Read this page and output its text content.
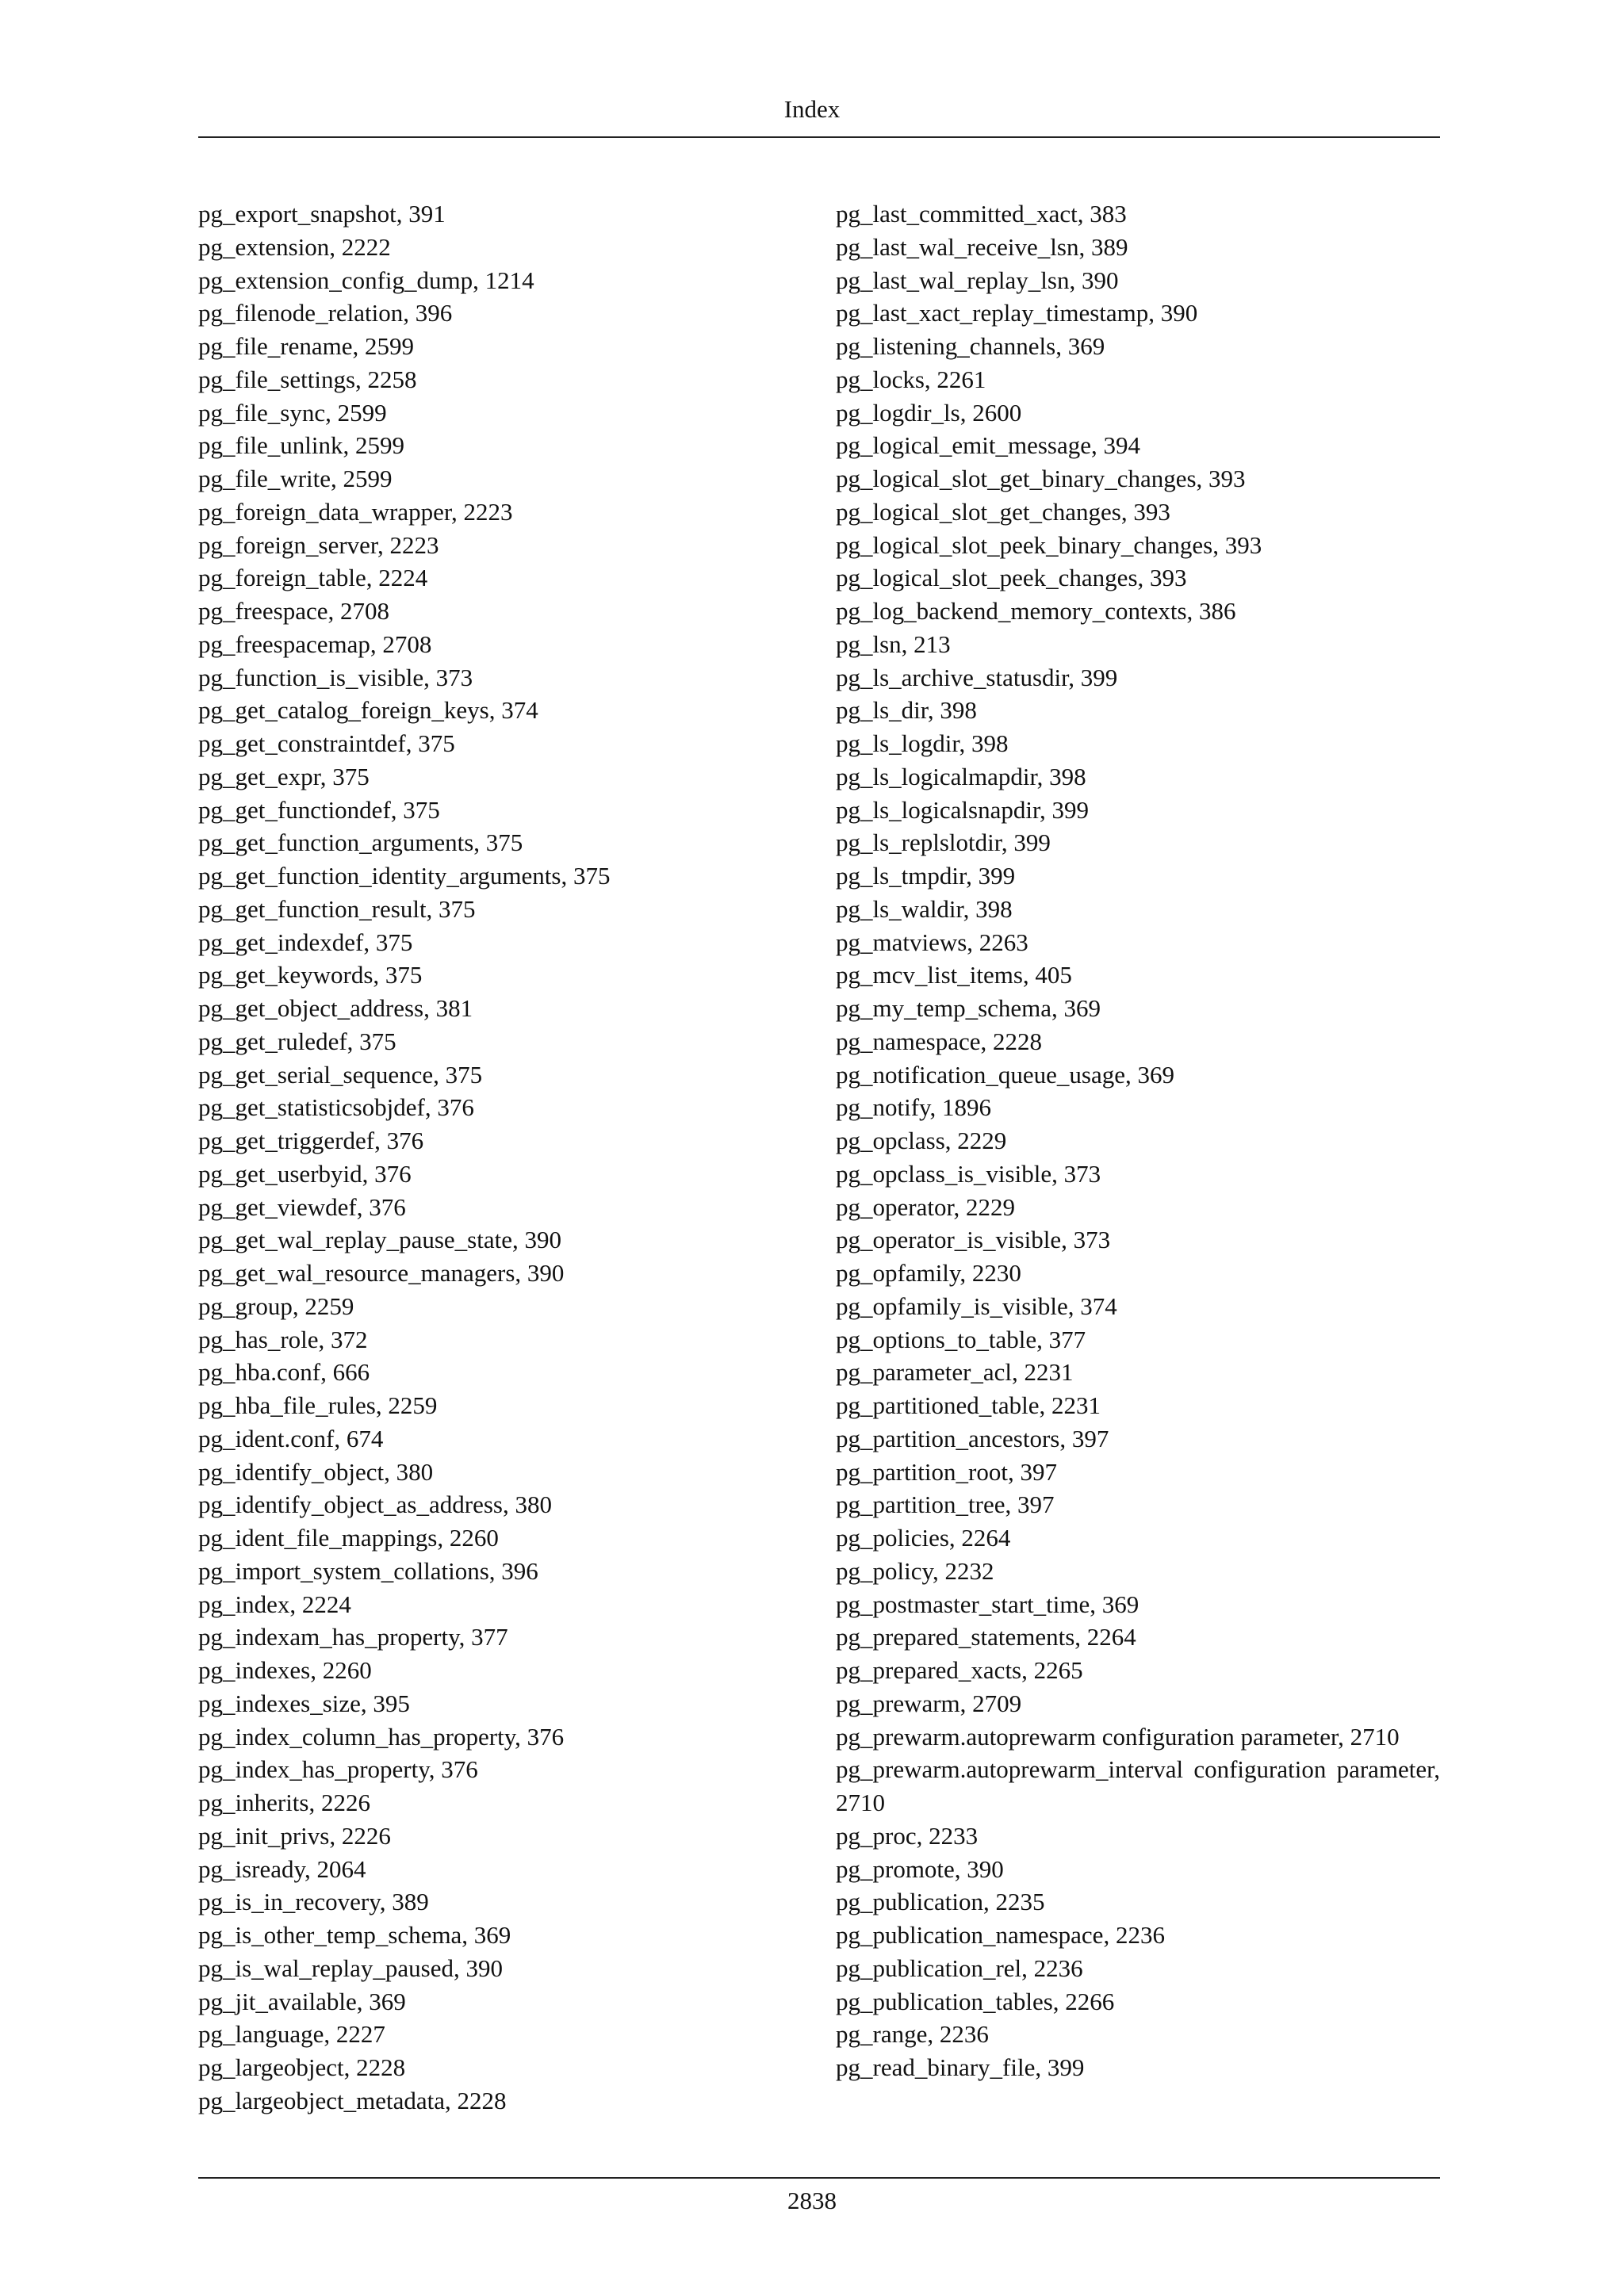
Index
pg_export_snapshot, 391
pg_extension, 2222
pg_extension_config_dump, 1214
pg_filenode_relation, 396
pg_file_rename, 2599
pg_file_settings, 2258
pg_file_sync, 2599
pg_file_unlink, 2599
pg_file_write, 2599
pg_foreign_data_wrapper, 2223
pg_foreign_server, 2223
pg_foreign_table, 2224
pg_freespace, 2708
pg_freespacemap, 2708
pg_function_is_visible, 373
pg_get_catalog_foreign_keys, 374
pg_get_constraintdef, 375
pg_get_expr, 375
pg_get_functiondef, 375
pg_get_function_arguments, 375
pg_get_function_identity_arguments, 375
pg_get_function_result, 375
pg_get_indexdef, 375
pg_get_keywords, 375
pg_get_object_address, 381
pg_get_ruledef, 375
pg_get_serial_sequence, 375
pg_get_statisticsobjdef, 376
pg_get_triggerdef, 376
pg_get_userbyid, 376
pg_get_viewdef, 376
pg_get_wal_replay_pause_state, 390
pg_get_wal_resource_managers, 390
pg_group, 2259
pg_has_role, 372
pg_hba.conf, 666
pg_hba_file_rules, 2259
pg_ident.conf, 674
pg_identify_object, 380
pg_identify_object_as_address, 380
pg_ident_file_mappings, 2260
pg_import_system_collations, 396
pg_index, 2224
pg_indexam_has_property, 377
pg_indexes, 2260
pg_indexes_size, 395
pg_index_column_has_property, 376
pg_index_has_property, 376
pg_inherits, 2226
pg_init_privs, 2226
pg_isready, 2064
pg_is_in_recovery, 389
pg_is_other_temp_schema, 369
pg_is_wal_replay_paused, 390
pg_jit_available, 369
pg_language, 2227
pg_largeobject, 2228
pg_largeobject_metadata, 2228
pg_last_committed_xact, 383
pg_last_wal_receive_lsn, 389
pg_last_wal_replay_lsn, 390
pg_last_xact_replay_timestamp, 390
pg_listening_channels, 369
pg_locks, 2261
pg_logdir_ls, 2600
pg_logical_emit_message, 394
pg_logical_slot_get_binary_changes, 393
pg_logical_slot_get_changes, 393
pg_logical_slot_peek_binary_changes, 393
pg_logical_slot_peek_changes, 393
pg_log_backend_memory_contexts, 386
pg_lsn, 213
pg_ls_archive_statusdir, 399
pg_ls_dir, 398
pg_ls_logdir, 398
pg_ls_logicalmapdir, 398
pg_ls_logicalsnapdir, 399
pg_ls_replslotdir, 399
pg_ls_tmpdir, 399
pg_ls_waldir, 398
pg_matviews, 2263
pg_mcv_list_items, 405
pg_my_temp_schema, 369
pg_namespace, 2228
pg_notification_queue_usage, 369
pg_notify, 1896
pg_opclass, 2229
pg_opclass_is_visible, 373
pg_operator, 2229
pg_operator_is_visible, 373
pg_opfamily, 2230
pg_opfamily_is_visible, 374
pg_options_to_table, 377
pg_parameter_acl, 2231
pg_partitioned_table, 2231
pg_partition_ancestors, 397
pg_partition_root, 397
pg_partition_tree, 397
pg_policies, 2264
pg_policy, 2232
pg_postmaster_start_time, 369
pg_prepared_statements, 2264
pg_prepared_xacts, 2265
pg_prewarm, 2709
pg_prewarm.autoprewarm configuration parameter, 2710
pg_prewarm.autoprewarm_interval configuration parameter, 2710
pg_proc, 2233
pg_promote, 390
pg_publication, 2235
pg_publication_namespace, 2236
pg_publication_rel, 2236
pg_publication_tables, 2266
pg_range, 2236
pg_read_binary_file, 399
2838
